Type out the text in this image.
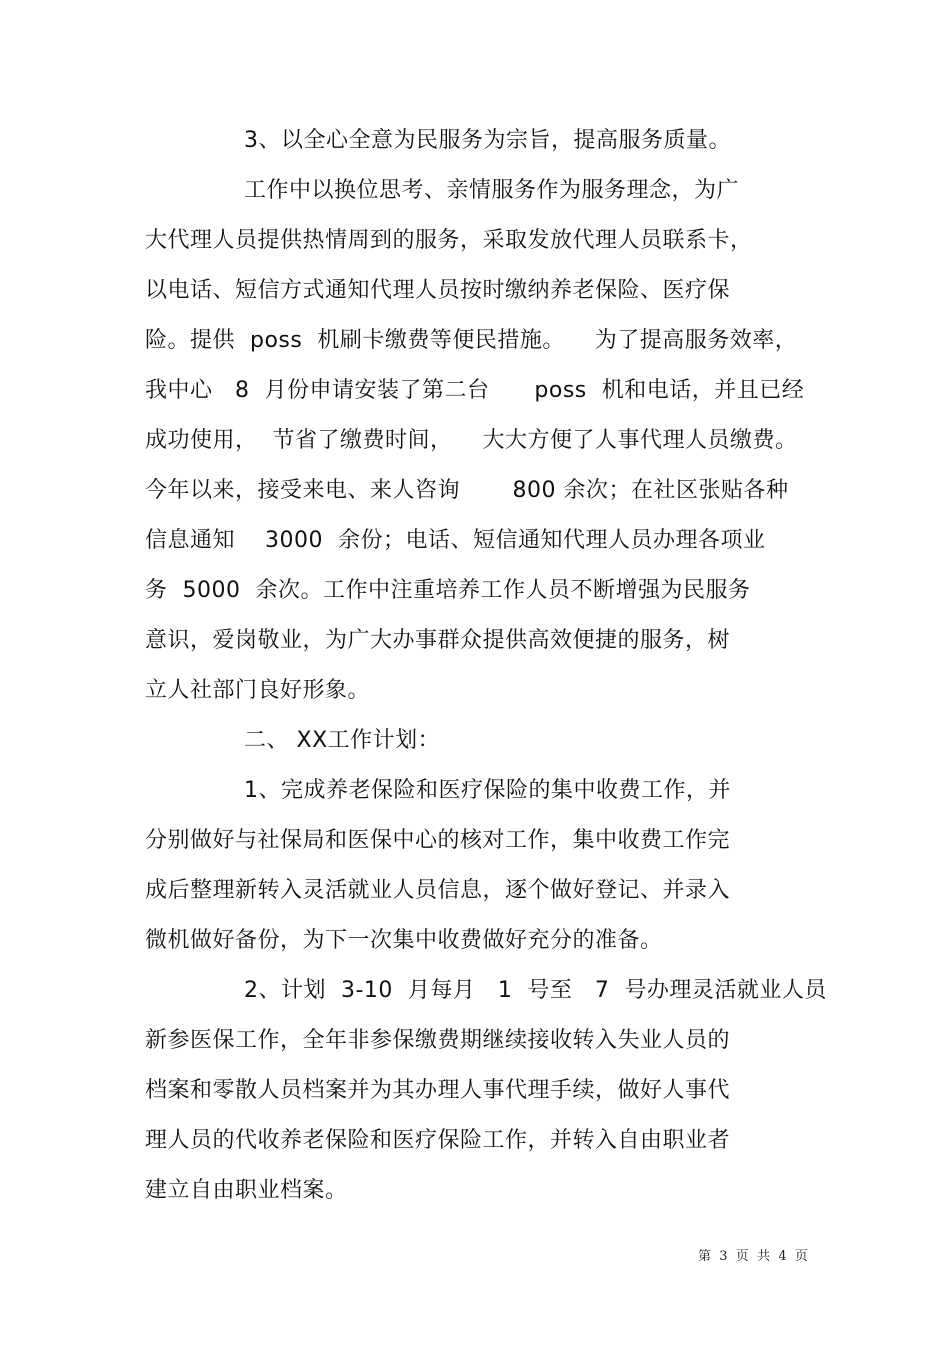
3、以全心全意为民服务为宗旨，提高服务质量。
工作中以换位思考、亲情服务作为服务理念，为广
大代理人员提供热情周到的服务，采取发放代理人员联系卡，
以电话、短信方式通知代理人员按时缴纳养老保险、医疗保
险。提供  poss  机刷卡缴费等便民措施。    为了提高服务效率，
我中心   8  月份申请安装了第二台      poss  机和电话，并且已经
成功使用，  节省了缴费时间，    大大方便了人事代理人员缴费。
今年以来，接受来电、来人咨询       800 余次；在社区张贴各种
信息通知    3000  余份；电话、短信通知代理人员办理各项业
务  5000  余次。工作中注重培养工作人员不断增强为民服务
意识，爱岗敬业，为广大办事群众提供高效便捷的服务，树
立人社部门良好形象。
二、 XX工作计划：
1、完成养老保险和医疗保险的集中收费工作，并
分别做好与社保局和医保中心的核对工作，集中收费工作完
成后整理新转入灵活就业人员信息，逐个做好登记、并录入
微机做好备份，为下一次集中收费做好充分的准备。
2、计划  3-10  月每月   1  号至   7  号办理灵活就业人员
新参医保工作，全年非参保缴费期继续接收转入失业人员的
档案和零散人员档案并为其办理人事代理手续，做好人事代
理人员的代收养老保险和医疗保险工作，并转入自由职业者
建立自由职业档案。
第  3  页  共  4  页
